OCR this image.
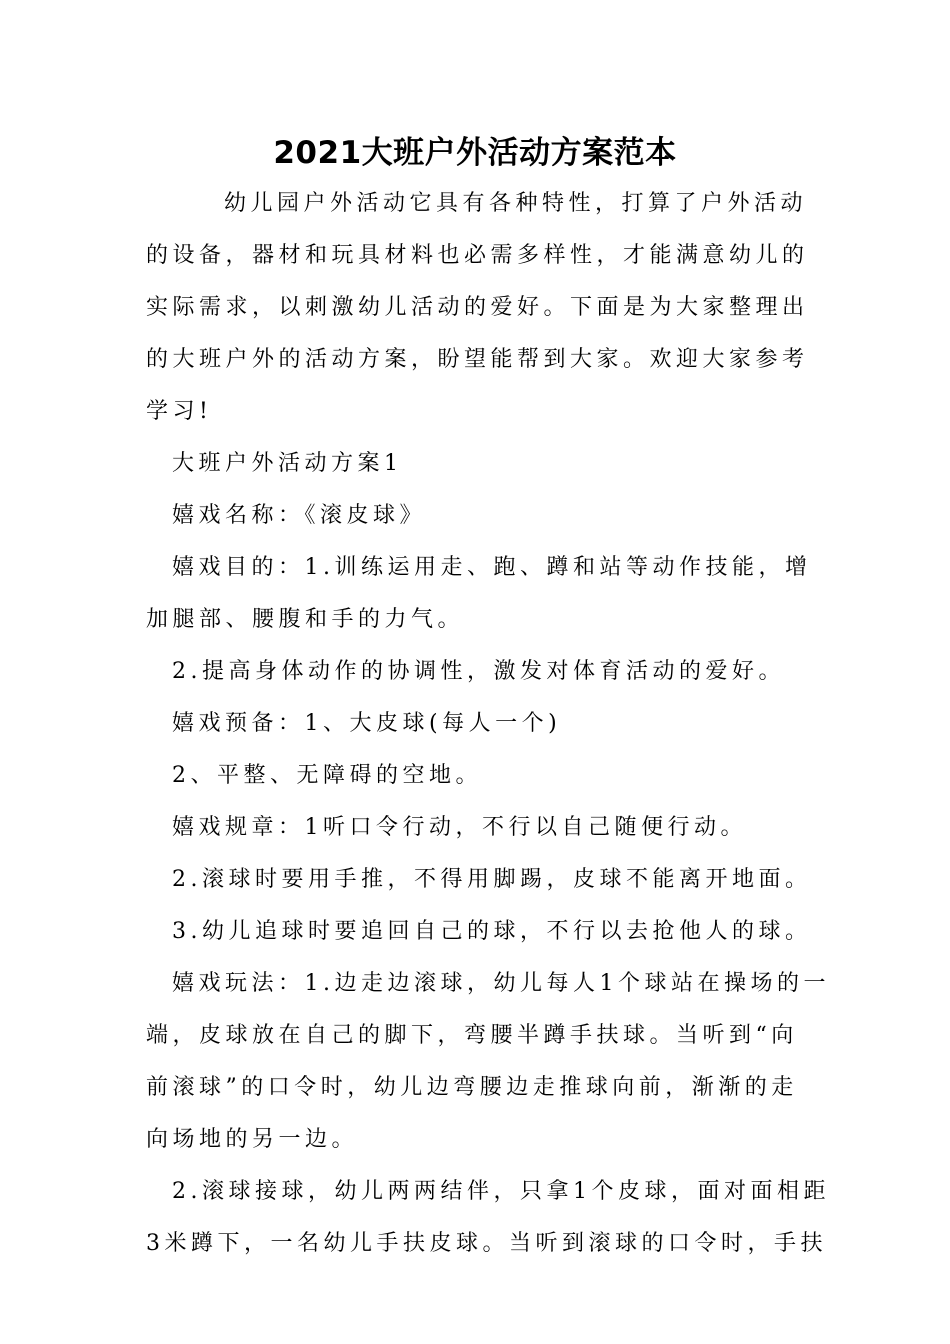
2021大班户外活动方案范本
幼儿园户外活动它具有各种特性，打算了户外活动
的设备，器材和玩具材料也必需多样性，才能满意幼儿的
实际需求，以刺激幼儿活动的爱好。下面是为大家整理出
的大班户外的活动方案，盼望能帮到大家。欢迎大家参考
学习!
大班户外活动方案1
嬉戏名称：《滚皮球》
嬉戏目的：1.训练运用走、跑、蹲和站等动作技能，增
加腿部、腰腹和手的力气。
2.提高身体动作的协调性，激发对体育活动的爱好。
嬉戏预备：1、大皮球(每人一个)
2、平整、无障碍的空地。
嬉戏规章：1听口令行动，不行以自己随便行动。
2.滚球时要用手推，不得用脚踢，皮球不能离开地面。
3.幼儿追球时要追回自己的球，不行以去抢他人的球。
嬉戏玩法：1.边走边滚球，幼儿每人1个球站在操场的一
端，皮球放在自己的脚下，弯腰半蹲手扶球。当听到“向
前滚球”的口令时，幼儿边弯腰边走推球向前，渐渐的走
向场地的另一边。
2.滚球接球，幼儿两两结伴，只拿1个皮球，面对面相距
3米蹲下，一名幼儿手扶皮球。当听到滚球的口令时，手扶
